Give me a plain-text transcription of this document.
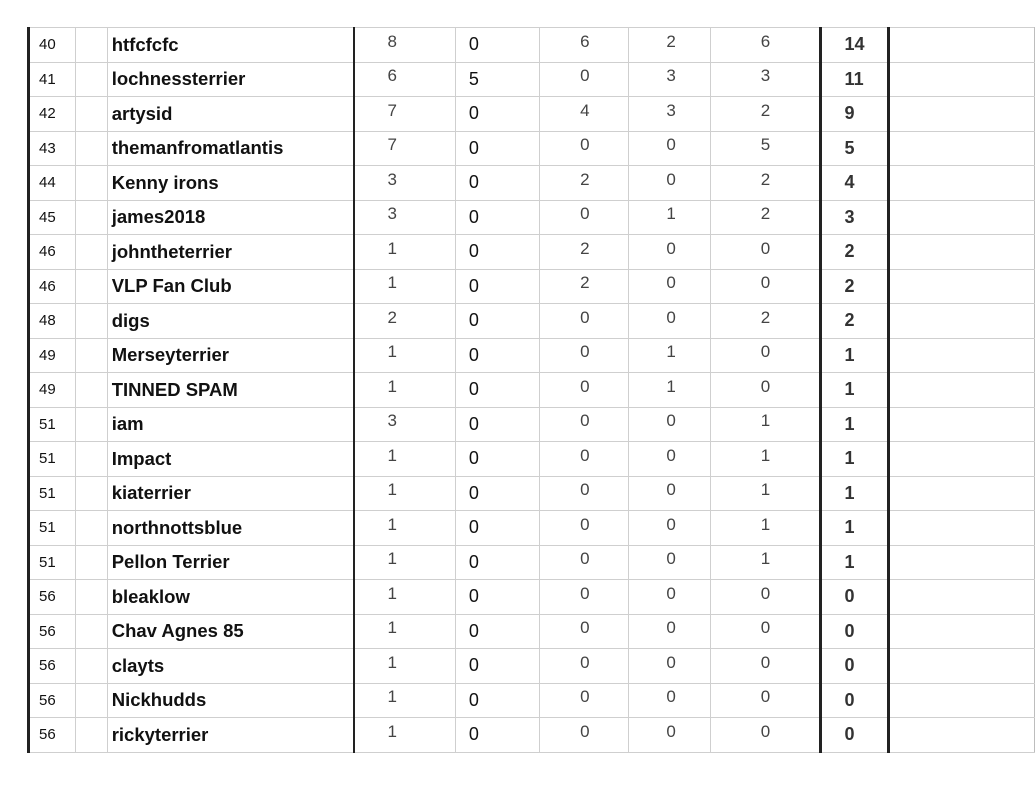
40		htfcfcfc	8	0	6	2	6	14	
41		lochnessterrier	6	5	0	3	3	11	
42		artysid	7	0	4	3	2	9	
43		themanfromatlantis	7	0	0	0	5	5	
44		Kenny irons	3	0	2	0	2	4	
45		james2018	3	0	0	1	2	3	
46		johntheterrier	1	0	2	0	0	2	
46		VLP Fan Club	1	0	2	0	0	2	
48		digs	2	0	0	0	2	2	
49		Merseyterrier	1	0	0	1	0	1	
49		TINNED SPAM	1	0	0	1	0	1	
51		iam	3	0	0	0	1	1	
51		Impact	1	0	0	0	1	1	
51		kiaterrier	1	0	0	0	1	1	
51		northnottsblue	1	0	0	0	1	1	
51		Pellon Terrier	1	0	0	0	1	1	
56		bleaklow	1	0	0	0	0	0	
56		Chav Agnes 85	1	0	0	0	0	0	
56		clayts	1	0	0	0	0	0	
56		Nickhudds	1	0	0	0	0	0	
56		rickyterrier	1	0	0	0	0	0	
